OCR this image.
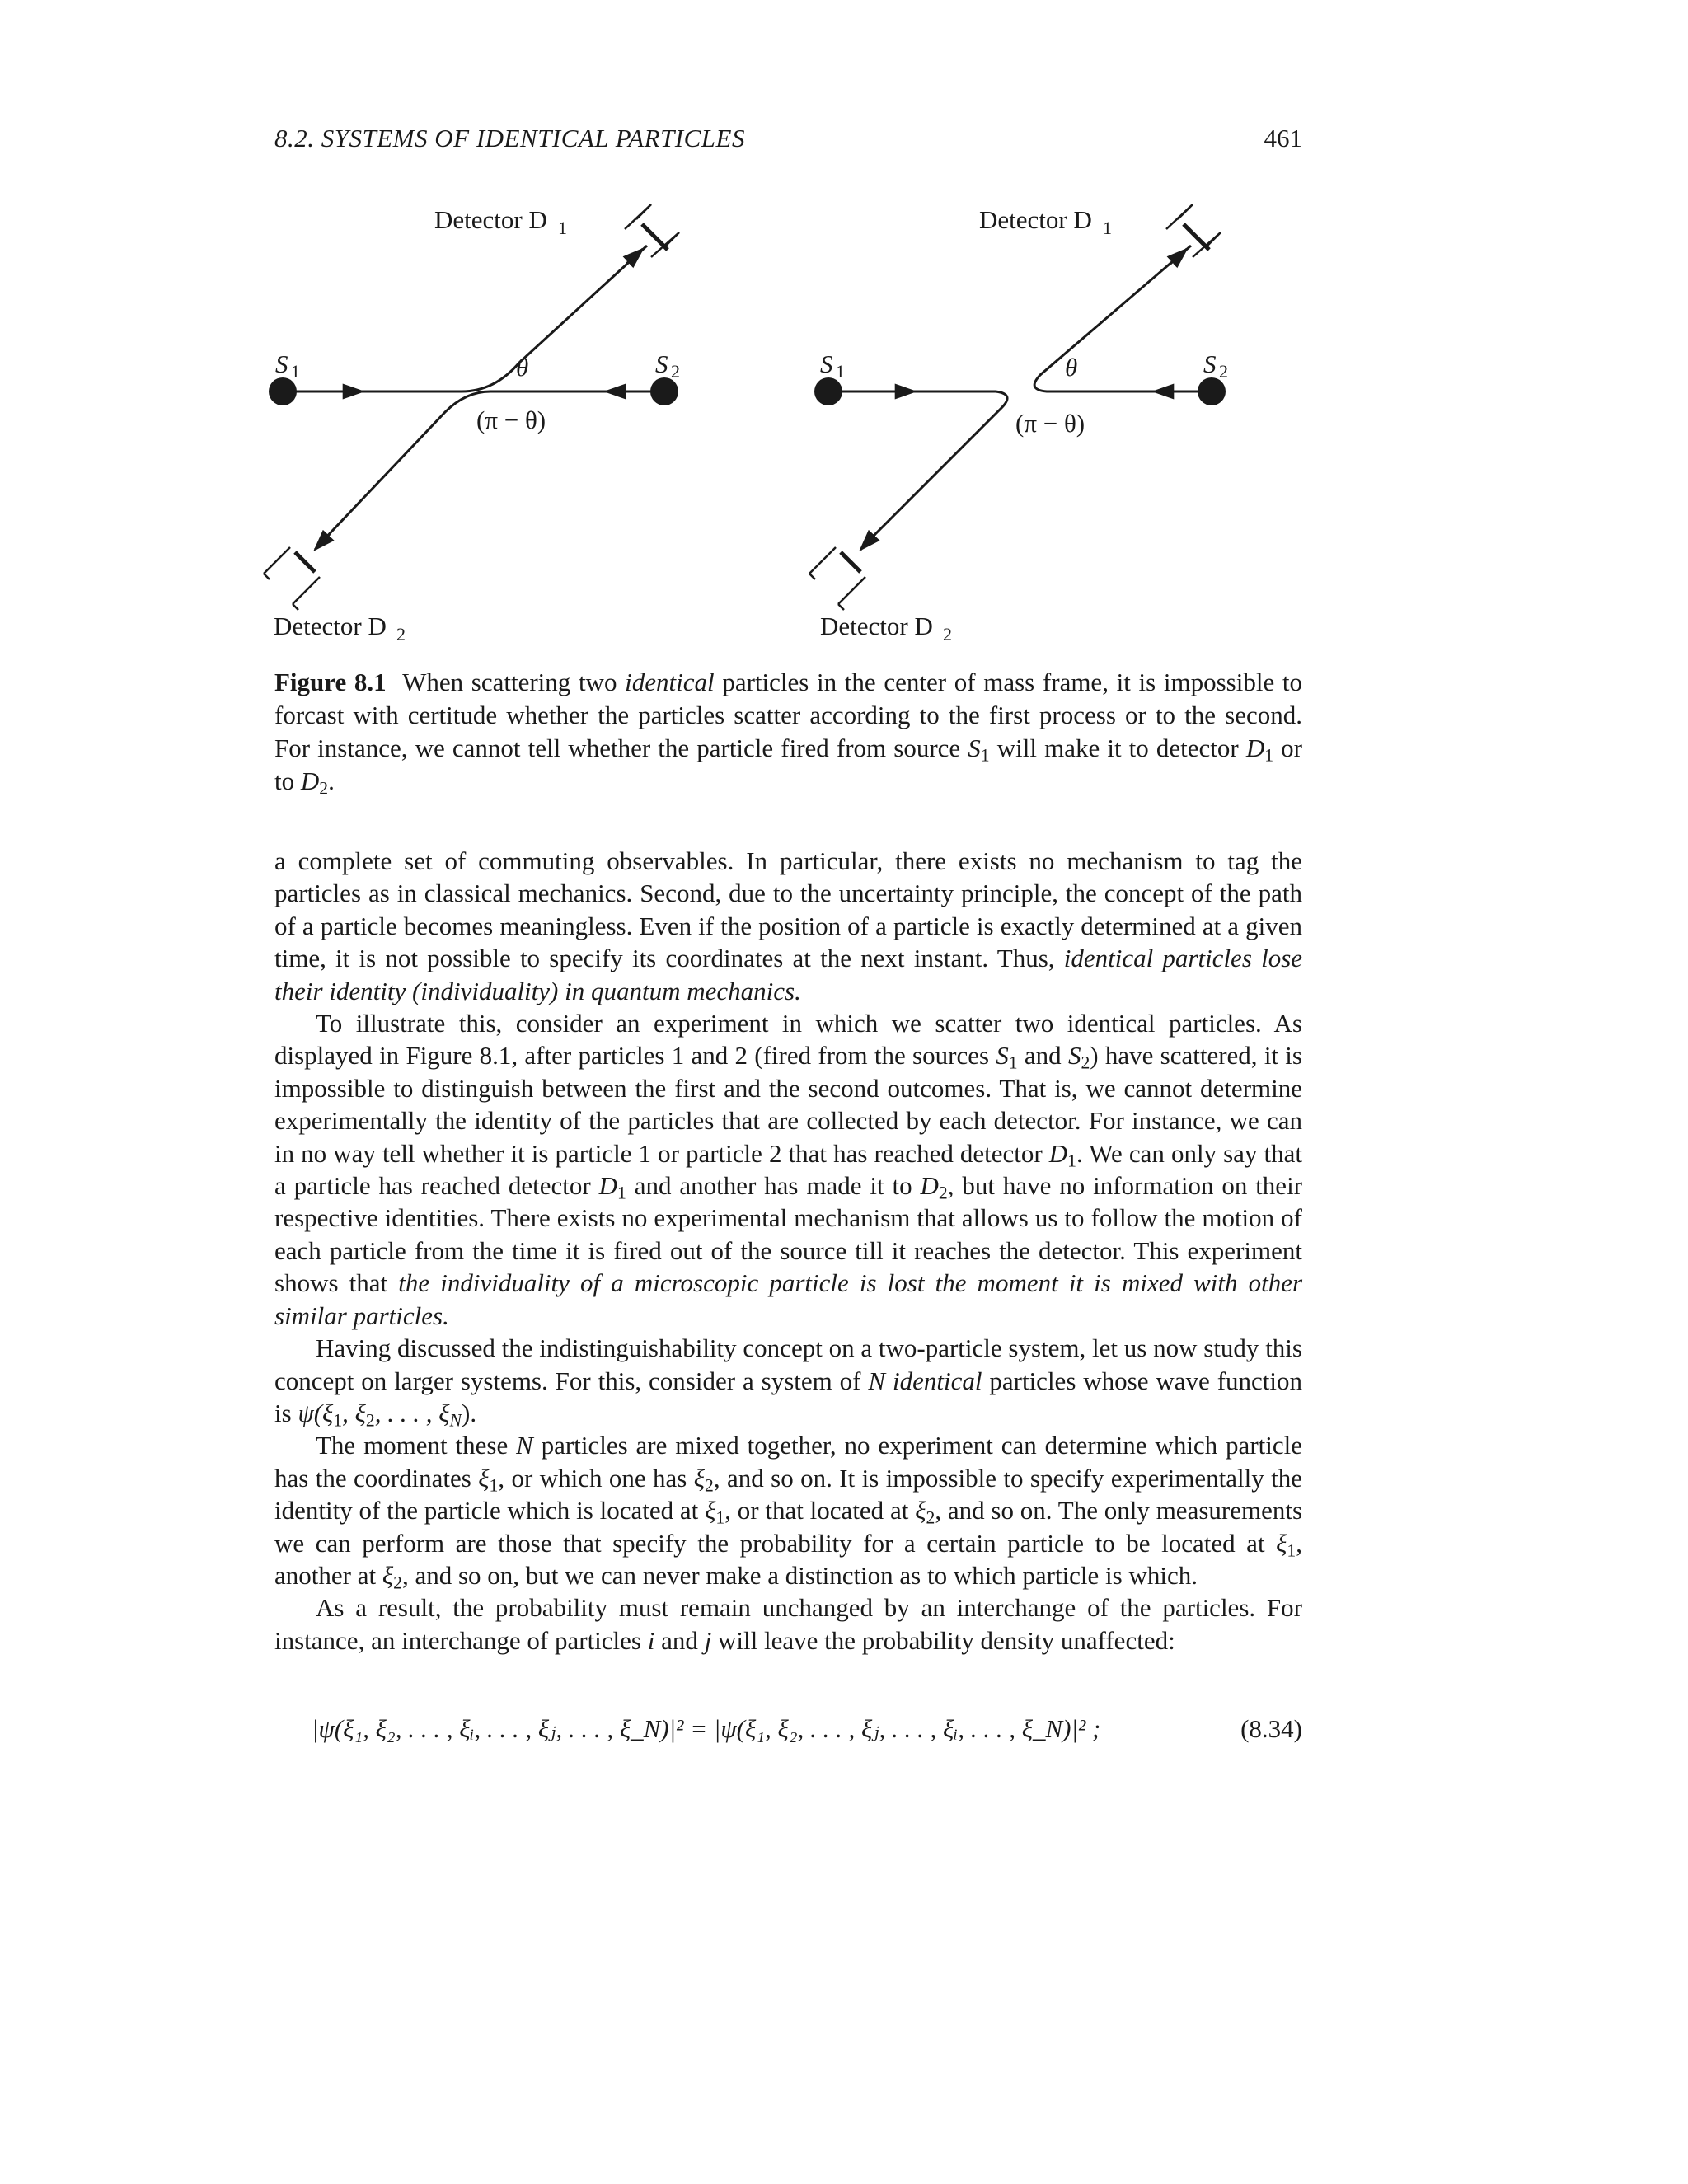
8.2. SYSTEMS OF IDENTICAL PARTICLES	461
Detector D 1
Detector D 2
S 1	S 2
θ
(π − θ)
Detector D 1
Detector D 2
S 1	S 2
θ
(π − θ)
Figure 8.1 When scattering two identical particles in the center of mass frame, it is impossible to forcast with certitude whether the particles scatter according to the first process or to the second. For instance, we cannot tell whether the particle fired from source $S_1$ will make it to detector $D_1$ or to $D_2$.

a complete set of commuting observables. In particular, there exists no mechanism to tag the particles as in classical mechanics. Second, due to the uncertainty principle, the concept of the path of a particle becomes meaningless. Even if the position of a particle is exactly determined at a given time, it is not possible to specify its coordinates at the next instant. Thus, identical particles lose their identity (individuality) in quantum mechanics.

To illustrate this, consider an experiment in which we scatter two identical particles. As displayed in Figure 8.1, after particles 1 and 2 (fired from the sources $S_1$ and $S_2$) have scattered, it is impossible to distinguish between the first and the second outcomes. That is, we cannot determine experimentally the identity of the particles that are collected by each detector. For instance, we can in no way tell whether it is particle 1 or particle 2 that has reached detector $D_1$. We can only say that a particle has reached detector $D_1$ and another has made it to $D_2$, but have no information on their respective identities. There exists no experimental mechanism that allows us to follow the motion of each particle from the time it is fired out of the source till it reaches the detector. This experiment shows that the individuality of a microscopic particle is lost the moment it is mixed with other similar particles.

Having discussed the indistinguishability concept on a two-particle system, let us now study this concept on larger systems. For this, consider a system of N identical particles whose wave function is $\psi(\xi_1$, $\xi_2$, . . . , $\xi_N$).

The moment these N particles are mixed together, no experiment can determine which particle has the coordinates $\xi_1$, or which one has $\xi_2$, and so on. It is impossible to specify experimentally the identity of the particle which is located at $\xi_1$, or that located at $\xi_2$, and so on. The only measurements we can perform are those that specify the probability for a certain particle to be located at $\xi_1$, another at $\xi_2$, and so on, but we can never make a distinction as to which particle is which.

As a result, the probability must remain unchanged by an interchange of the particles. For instance, an interchange of particles i and j will leave the probability density unaffected:

|ψ(ξ₁, ξ₂, . . . , ξᵢ, . . . , ξⱼ, . . . , ξ_N)|² = |ψ(ξ₁, ξ₂, . . . , ξⱼ, . . . , ξᵢ, . . . , ξ_N)|² ;	(8.34)
